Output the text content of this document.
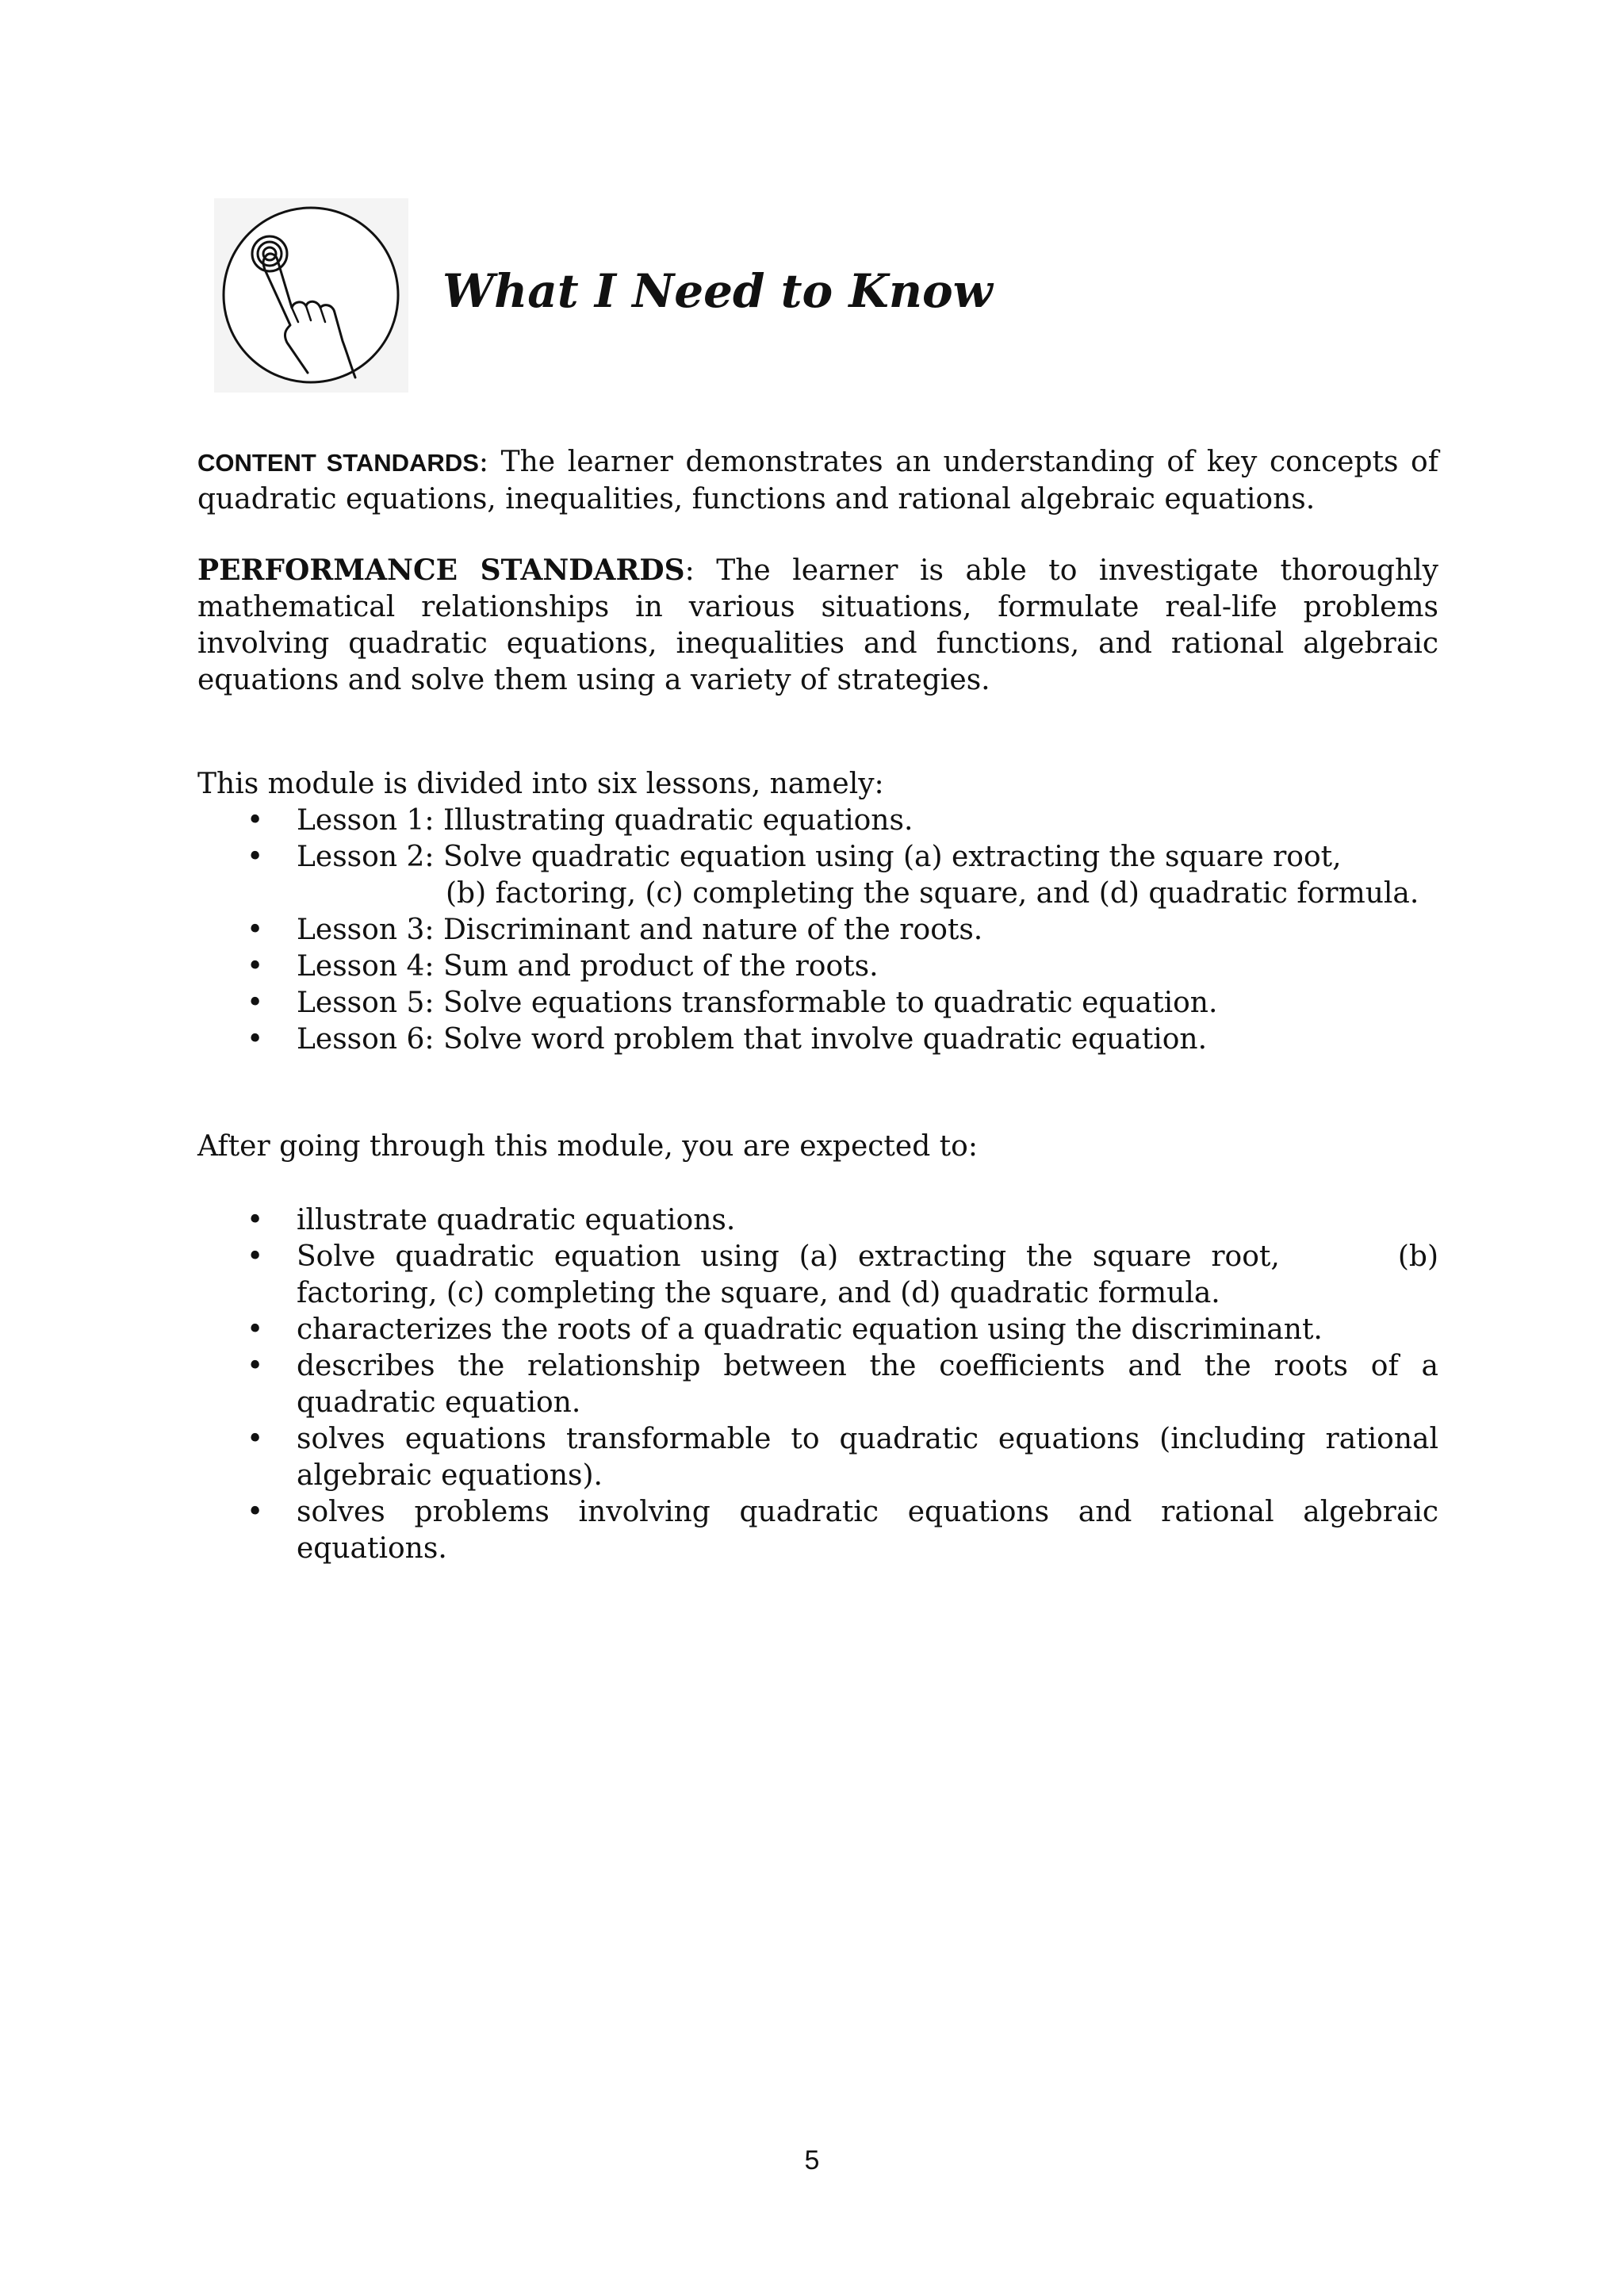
What I Need to Know

CONTENT STANDARDS: The learner demonstrates an understanding of key concepts of quadratic equations, inequalities, functions and rational algebraic equations.

PERFORMANCE STANDARDS: The learner is able to investigate thoroughly mathematical relationships in various situations, formulate real-life problems involving quadratic equations, inequalities and functions, and rational algebraic equations and solve them using a variety of strategies.

This module is divided into six lessons, namely:

• Lesson 1: Illustrating quadratic equations.
• Lesson 2: Solve quadratic equation using (a) extracting the square root,
(b) factoring, (c) completing the square, and (d) quadratic formula.
• Lesson 3: Discriminant and nature of the roots.
• Lesson 4: Sum and product of the roots.
• Lesson 5: Solve equations transformable to quadratic equation.
• Lesson 6: Solve word problem that involve quadratic equation.

After going through this module, you are expected to:

• illustrate quadratic equations.
• Solve quadratic equation using (a) extracting the square root,      (b) factoring, (c) completing the square, and (d) quadratic formula.
• characterizes the roots of a quadratic equation using the discriminant.
• describes the relationship between the coefficients and the roots of a quadratic equation.
• solves equations transformable to quadratic equations (including rational algebraic equations).
• solves problems involving quadratic equations and rational algebraic equations.

5
